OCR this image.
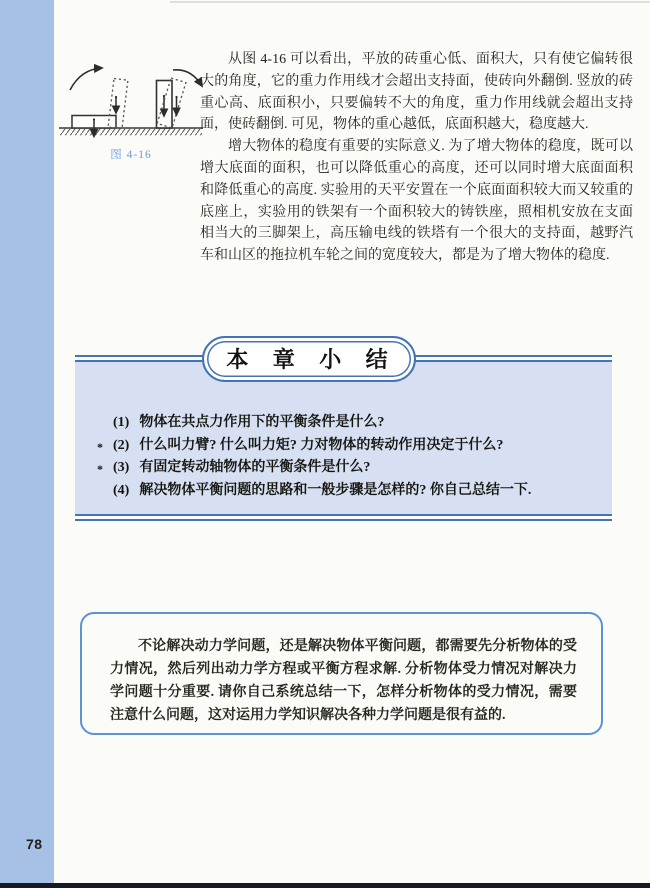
图 4-16

从图 4-16 可以看出，平放的砖重心低、面积大，只有使它偏转很大的角度，它的重力作用线才会超出支持面，使砖向外翻倒. 竖放的砖重心高、底面积小，只要偏转不大的角度，重力作用线就会超出支持面，使砖翻倒. 可见，物体的重心越低，底面积越大，稳度越大.

增大物体的稳度有重要的实际意义. 为了增大物体的稳度，既可以增大底面的面积，也可以降低重心的高度，还可以同时增大底面面积和降低重心的高度. 实验用的天平安置在一个底面面积较大而又较重的底座上，实验用的铁架有一个面积较大的铸铁座，照相机安放在支面相当大的三脚架上，高压输电线的铁塔有一个很大的支持面，越野汽车和山区的拖拉机车轮之间的宽度较大，都是为了增大物体的稳度.

本 章 小 结
(1) 物体在共点力作用下的平衡条件是什么?
* (2) 什么叫力臂? 什么叫力矩? 力对物体的转动作用决定于什么?
* (3) 有固定转动轴物体的平衡条件是什么?
(4) 解决物体平衡问题的思路和一般步骤是怎样的? 你自己总结一下.

不论解决动力学问题，还是解决物体平衡问题，都需要先分析物体的受力情况，然后列出动力学方程或平衡方程求解. 分析物体受力情况对解决力学问题十分重要. 请你自己系统总结一下，怎样分析物体的受力情况，需要注意什么问题，这对运用力学知识解决各种力学问题是很有益的.

78
